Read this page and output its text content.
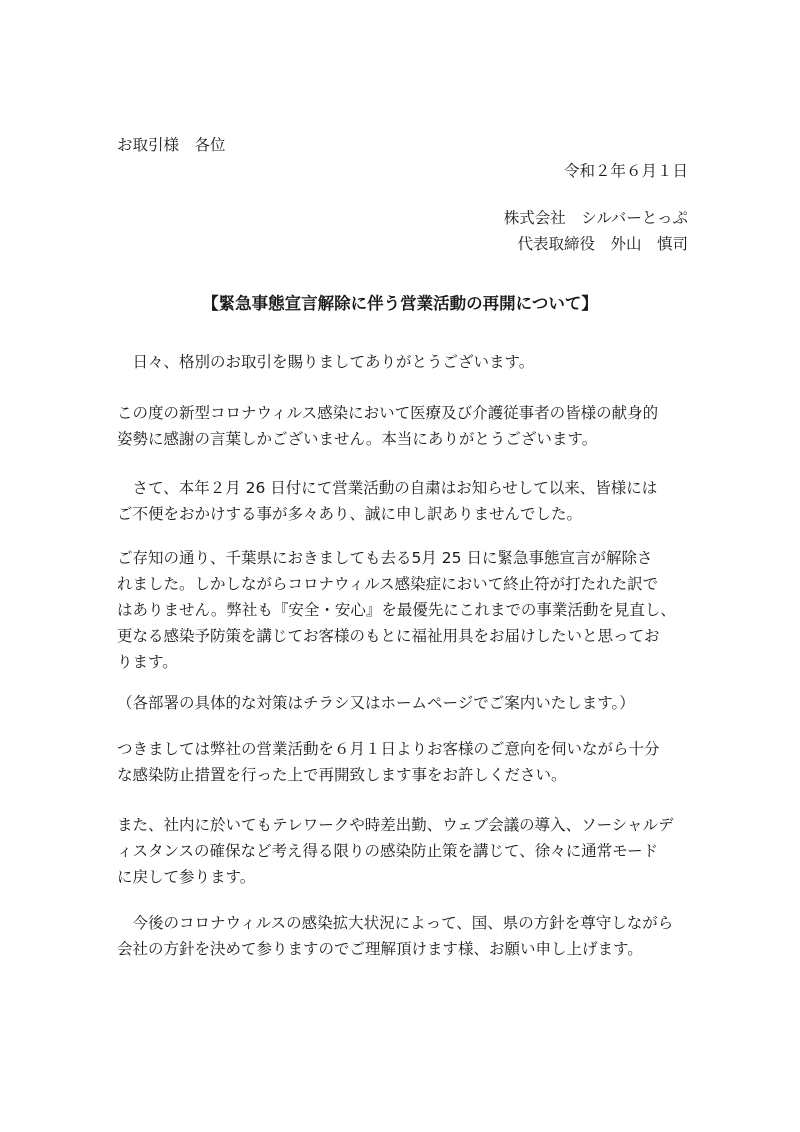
お取引様　各位
令和２年６月１日
株式会社　シルバーとっぷ
代表取締役　外山　慎司
【緊急事態宣言解除に伴う営業活動の再開について】
　日々、格別のお取引を賜りましてありがとうございます。
この度の新型コロナウィルス感染において医療及び介護従事者の皆様の献身的
姿勢に感謝の言葉しかございません。本当にありがとうございます。
　さて、本年２月 26 日付にて営業活動の自粛はお知らせして以来、皆様には
ご不便をおかけする事が多々あり、誠に申し訳ありませんでした。
ご存知の通り、千葉県におきましても去る5月 25 日に緊急事態宣言が解除さ
れました。しかしながらコロナウィルス感染症において終止符が打たれた訳で
はありません。弊社も『安全・安心』を最優先にこれまでの事業活動を見直し、
更なる感染予防策を講じてお客様のもとに福祉用具をお届けしたいと思ってお
ります。
（各部署の具体的な対策はチラシ又はホームページでご案内いたします。）
つきましては弊社の営業活動を６月１日よりお客様のご意向を伺いながら十分
な感染防止措置を行った上で再開致します事をお許しください。
また、社内に於いてもテレワークや時差出勤、ウェブ会議の導入、ソーシャルデ
ィスタンスの確保など考え得る限りの感染防止策を講じて、徐々に通常モード
に戻して参ります。
　今後のコロナウィルスの感染拡大状況によって、国、県の方針を尊守しながら
会社の方針を決めて参りますのでご理解頂けます様、お願い申し上げます。
